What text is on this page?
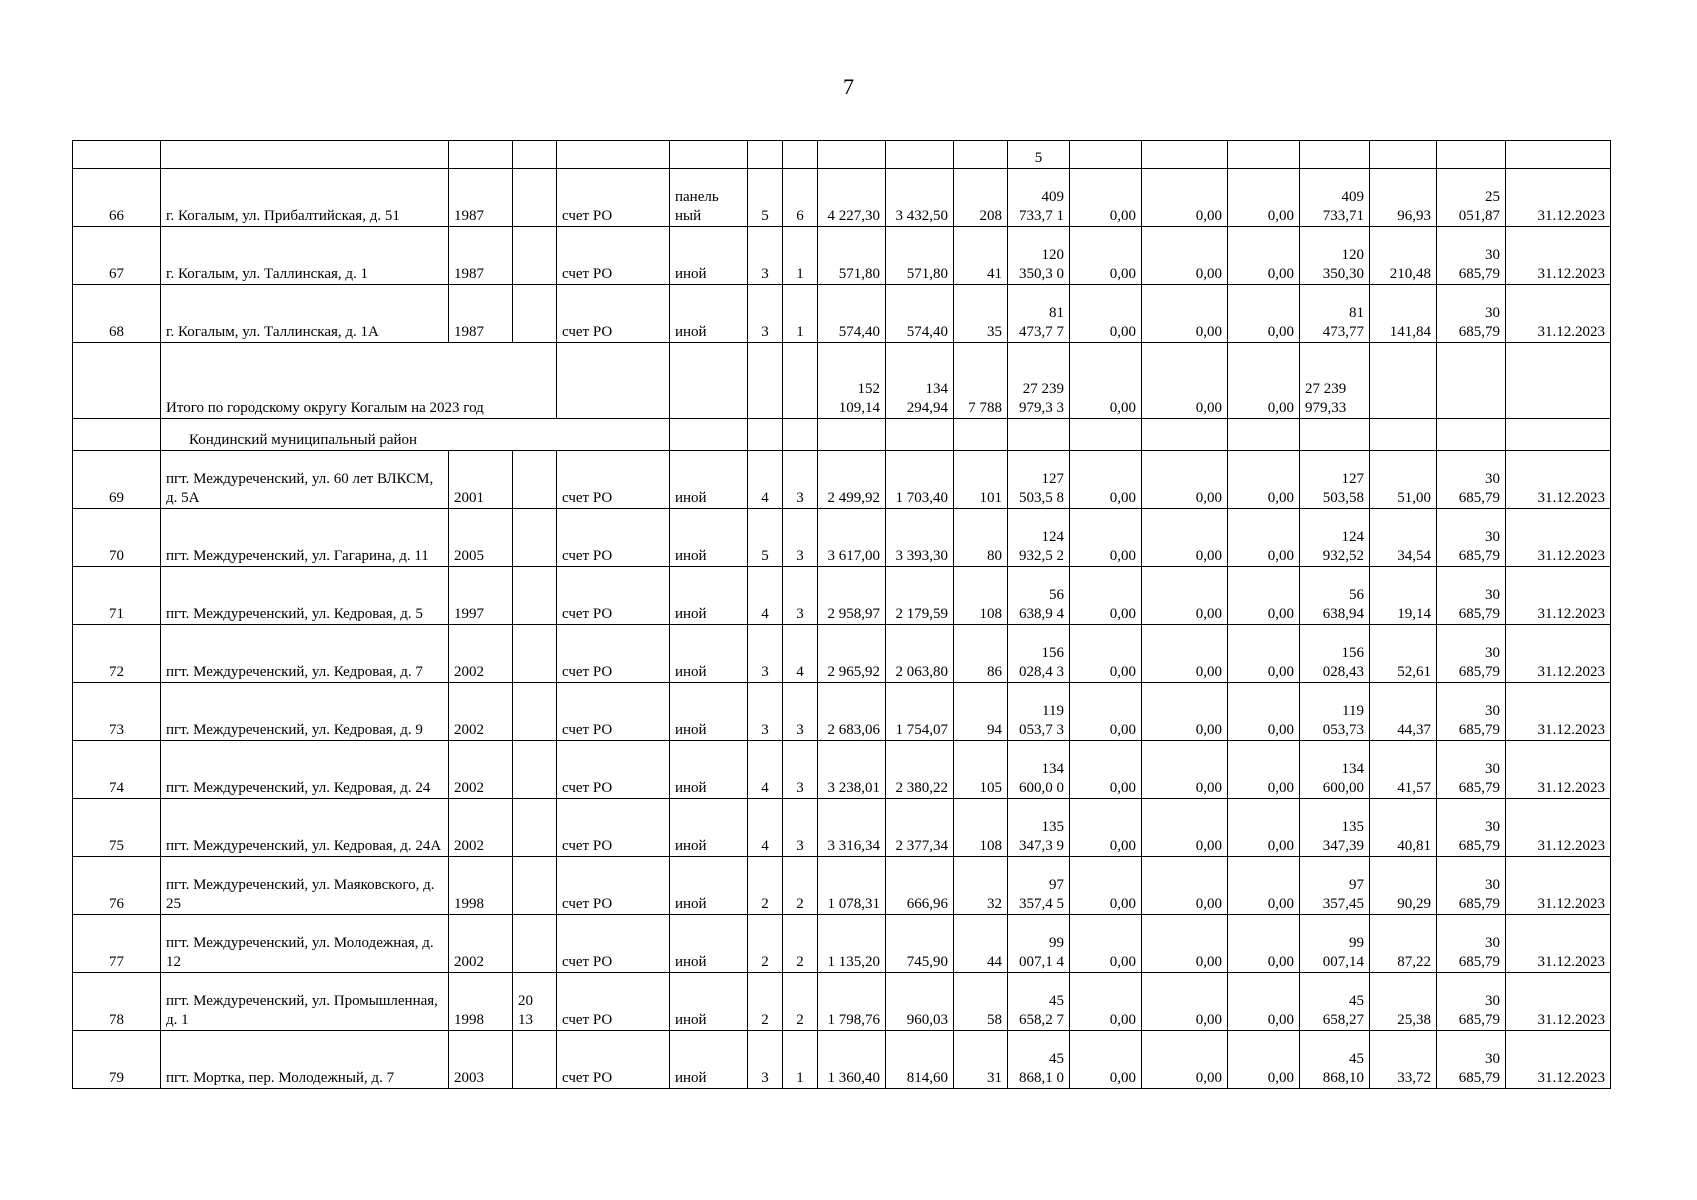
7
											5							
66	г. Когалым, ул. Прибалтийская, д. 51	1987		счет РО	панель ный	5	6	4 227,30	3 432,50	208	409 733,7 1	0,00	0,00	0,00	409 733,71	96,93	25 051,87	31.12.2023
67	г. Когалым, ул. Таллинская, д. 1	1987		счет РО	иной	3	1	571,80	571,80	41	120 350,3 0	0,00	0,00	0,00	120 350,30	210,48	30 685,79	31.12.2023
68	г. Когалым, ул. Таллинская, д. 1А	1987		счет РО	иной	3	1	574,40	574,40	35	81 473,7 7	0,00	0,00	0,00	81 473,77	141,84	30 685,79	31.12.2023
	Итого по городскому округу Когалым на 2023 год							152 109,14	134 294,94	7 788	27 239 979,3 3	0,00	0,00	0,00	27 239 979,33			
	Кондинский муниципальный район																	
69	пгт. Междуреченский, ул. 60 лет ВЛКСМ, д. 5А	2001		счет РО	иной	4	3	2 499,92	1 703,40	101	127 503,5 8	0,00	0,00	0,00	127 503,58	51,00	30 685,79	31.12.2023
70	пгт. Междуреченский, ул. Гагарина, д. 11	2005		счет РО	иной	5	3	3 617,00	3 393,30	80	124 932,5 2	0,00	0,00	0,00	124 932,52	34,54	30 685,79	31.12.2023
71	пгт. Междуреченский, ул. Кедровая, д. 5	1997		счет РО	иной	4	3	2 958,97	2 179,59	108	56 638,9 4	0,00	0,00	0,00	56 638,94	19,14	30 685,79	31.12.2023
72	пгт. Междуреченский, ул. Кедровая, д. 7	2002		счет РО	иной	3	4	2 965,92	2 063,80	86	156 028,4 3	0,00	0,00	0,00	156 028,43	52,61	30 685,79	31.12.2023
73	пгт. Междуреченский, ул. Кедровая, д. 9	2002		счет РО	иной	3	3	2 683,06	1 754,07	94	119 053,7 3	0,00	0,00	0,00	119 053,73	44,37	30 685,79	31.12.2023
74	пгт. Междуреченский, ул. Кедровая, д. 24	2002		счет РО	иной	4	3	3 238,01	2 380,22	105	134 600,0 0	0,00	0,00	0,00	134 600,00	41,57	30 685,79	31.12.2023
75	пгт. Междуреченский, ул. Кедровая, д. 24А	2002		счет РО	иной	4	3	3 316,34	2 377,34	108	135 347,3 9	0,00	0,00	0,00	135 347,39	40,81	30 685,79	31.12.2023
76	пгт. Междуреченский, ул. Маяковского, д. 25	1998		счет РО	иной	2	2	1 078,31	666,96	32	97 357,4 5	0,00	0,00	0,00	97 357,45	90,29	30 685,79	31.12.2023
77	пгт. Междуреченский, ул. Молодежная, д. 12	2002		счет РО	иной	2	2	1 135,20	745,90	44	99 007,1 4	0,00	0,00	0,00	99 007,14	87,22	30 685,79	31.12.2023
78	пгт. Междуреченский, ул. Промышленная, д. 1	1998	20 13	счет РО	иной	2	2	1 798,76	960,03	58	45 658,2 7	0,00	0,00	0,00	45 658,27	25,38	30 685,79	31.12.2023
79	пгт. Мортка, пер. Молодежный, д. 7	2003		счет РО	иной	3	1	1 360,40	814,60	31	45 868,1 0	0,00	0,00	0,00	45 868,10	33,72	30 685,79	31.12.2023
